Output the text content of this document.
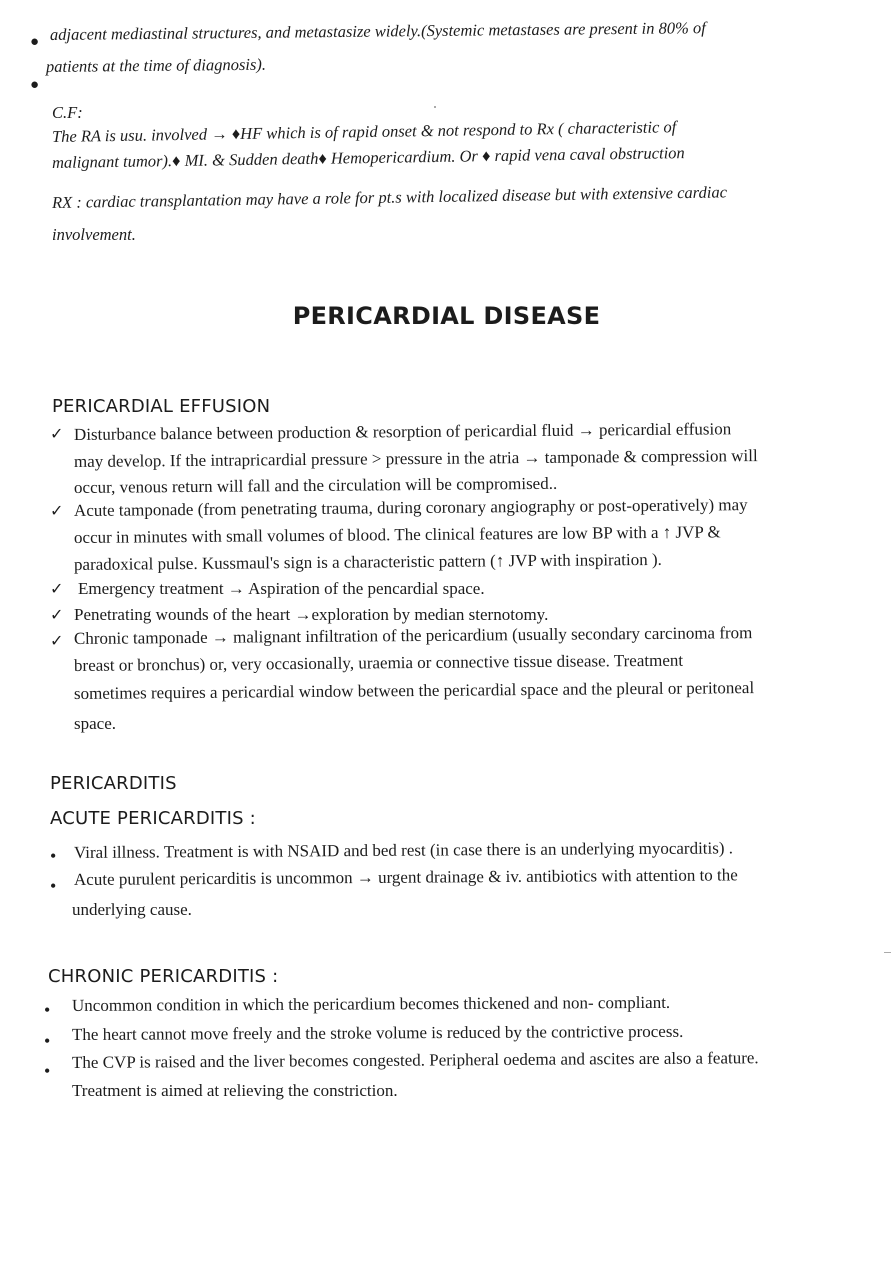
● adjacent mediastinal structures, and metastasize widely.(Systemic metastases are present in 80% of
patients at the time of diagnosis).
●
C.F:
The RA is usu. involved → ♦HF which is of rapid onset & not respond to Rx ( characteristic of
malignant tumor).♦ MI. & Sudden death♦ Hemopericardium. Or ♦ rapid vena caval obstruction
RX : cardiac transplantation may have a role for pt.s with localized disease but with extensive cardiac
involvement.
PERICARDIAL DISEASE
PERICARDIAL EFFUSION
✓ Disturbance balance between production & resorption of pericardial fluid → pericardial effusion
may develop. If the intrapricardial pressure > pressure in the atria → tamponade & compression will
occur, venous return will fall and the circulation will be compromised..
✓ Acute tamponade (from penetrating trauma, during coronary angiography or post-operatively) may
occur in minutes with small volumes of blood. The clinical features are low BP with a ↑ JVP &
paradoxical pulse. Kussmaul's sign is a characteristic pattern (↑ JVP with inspiration ).
✓ Emergency treatment → Aspiration of the pencardial space.
✓ Penetrating wounds of the heart →exploration by median sternotomy.
✓ Chronic tamponade → malignant infiltration of the pericardium (usually secondary carcinoma from
breast or bronchus) or, very occasionally, uraemia or connective tissue disease. Treatment
sometimes requires a pericardial window between the pericardial space and the pleural or peritoneal
space.
PERICARDITIS
ACUTE PERICARDITIS :
• Viral illness. Treatment is with NSAID and bed rest (in case there is an underlying myocarditis) .
• Acute purulent pericarditis is uncommon → urgent drainage & iv. antibiotics with attention to the
underlying cause.
CHRONIC PERICARDITIS :
• Uncommon condition in which the pericardium becomes thickened and non- compliant.
• The heart cannot move freely and the stroke volume is reduced by the contrictive process.
• The CVP is raised and the liver becomes congested. Peripheral oedema and ascites are also a feature.
Treatment is aimed at relieving the constriction.
